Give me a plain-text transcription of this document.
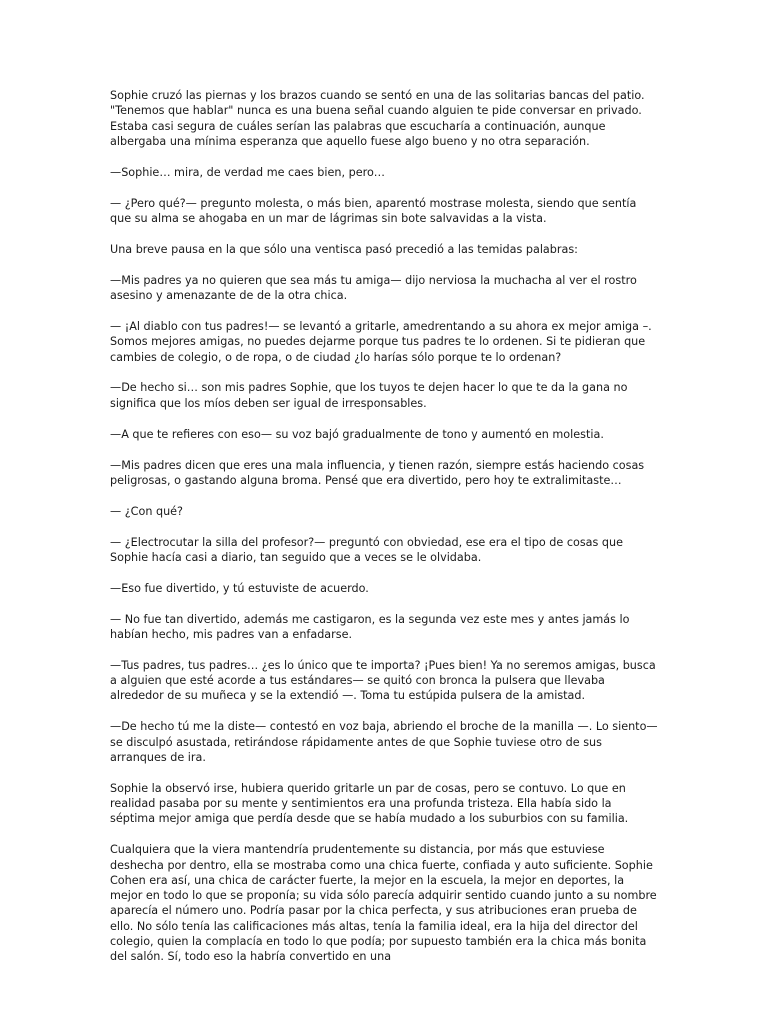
Sophie cruzó las piernas y los brazos cuando se sentó en una de las solitarias bancas del patio. "Tenemos que hablar" nunca es una buena señal cuando alguien te pide conversar en privado. Estaba casi segura de cuáles serían las palabras que escucharía a continuación, aunque albergaba una mínima esperanza que aquello fuese algo bueno y no otra separación.

—Sophie… mira, de verdad me caes bien, pero…

— ¿Pero qué?— pregunto molesta, o más bien, aparentó mostrase molesta, siendo que sentía que su alma se ahogaba en un mar de lágrimas sin bote salvavidas a la vista.

Una breve pausa en la que sólo una ventisca pasó precedió a las temidas palabras:

—Mis padres ya no quieren que sea más tu amiga— dijo nerviosa la muchacha al ver el rostro asesino y amenazante de de la otra chica.

— ¡Al diablo con tus padres!— se levantó a gritarle, amedrentando a su ahora ex mejor amiga –. Somos mejores amigas, no puedes dejarme porque tus padres te lo ordenen. Si te pidieran que cambies de colegio, o de ropa, o de ciudad ¿lo harías sólo porque te lo ordenan?

—De hecho si… son mis padres Sophie, que los tuyos te dejen hacer lo que te da la gana no significa que los míos deben ser igual de irresponsables.

—A que te refieres con eso— su voz bajó gradualmente de tono y aumentó en molestia.

—Mis padres dicen que eres una mala influencia, y tienen razón, siempre estás haciendo cosas peligrosas, o gastando alguna broma. Pensé que era divertido, pero hoy te extralimitaste…

— ¿Con qué?

— ¿Electrocutar la silla del profesor?— preguntó con obviedad, ese era el tipo de cosas que Sophie hacía casi a diario, tan seguido que a veces se le olvidaba.

—Eso fue divertido, y tú estuviste de acuerdo.

— No fue tan divertido, además me castigaron, es la segunda vez este mes y antes jamás lo habían hecho, mis padres van a enfadarse.

—Tus padres, tus padres… ¿es lo único que te importa? ¡Pues bien! Ya no seremos amigas, busca a alguien que esté acorde a tus estándares— se quitó con bronca la pulsera que llevaba alrededor de su muñeca y se la extendió —. Toma tu estúpida pulsera de la amistad.

—De hecho tú me la diste— contestó en voz baja, abriendo el broche de la manilla —. Lo siento— se disculpó asustada, retirándose rápidamente antes de que Sophie tuviese otro de sus arranques de ira.

Sophie la observó irse, hubiera querido gritarle un par de cosas, pero se contuvo. Lo que en realidad pasaba por su mente y sentimientos era una profunda tristeza. Ella había sido la séptima mejor amiga que perdía desde que se había mudado a los suburbios con su familia.

Cualquiera que la viera mantendría prudentemente su distancia, por más que estuviese deshecha por dentro, ella se mostraba como una chica fuerte, confiada y auto suficiente. Sophie Cohen era así, una chica de carácter fuerte, la mejor en la escuela, la mejor en deportes, la mejor en todo lo que se proponía; su vida sólo parecía adquirir sentido cuando junto a su nombre aparecía el número uno. Podría pasar por la chica perfecta, y sus atribuciones eran prueba de ello. No sólo tenía las calificaciones más altas, tenía la familia ideal, era la hija del director del colegio, quien la complacía en todo lo que podía; por supuesto también era la chica más bonita del salón. Sí, todo eso la habría convertido en una
